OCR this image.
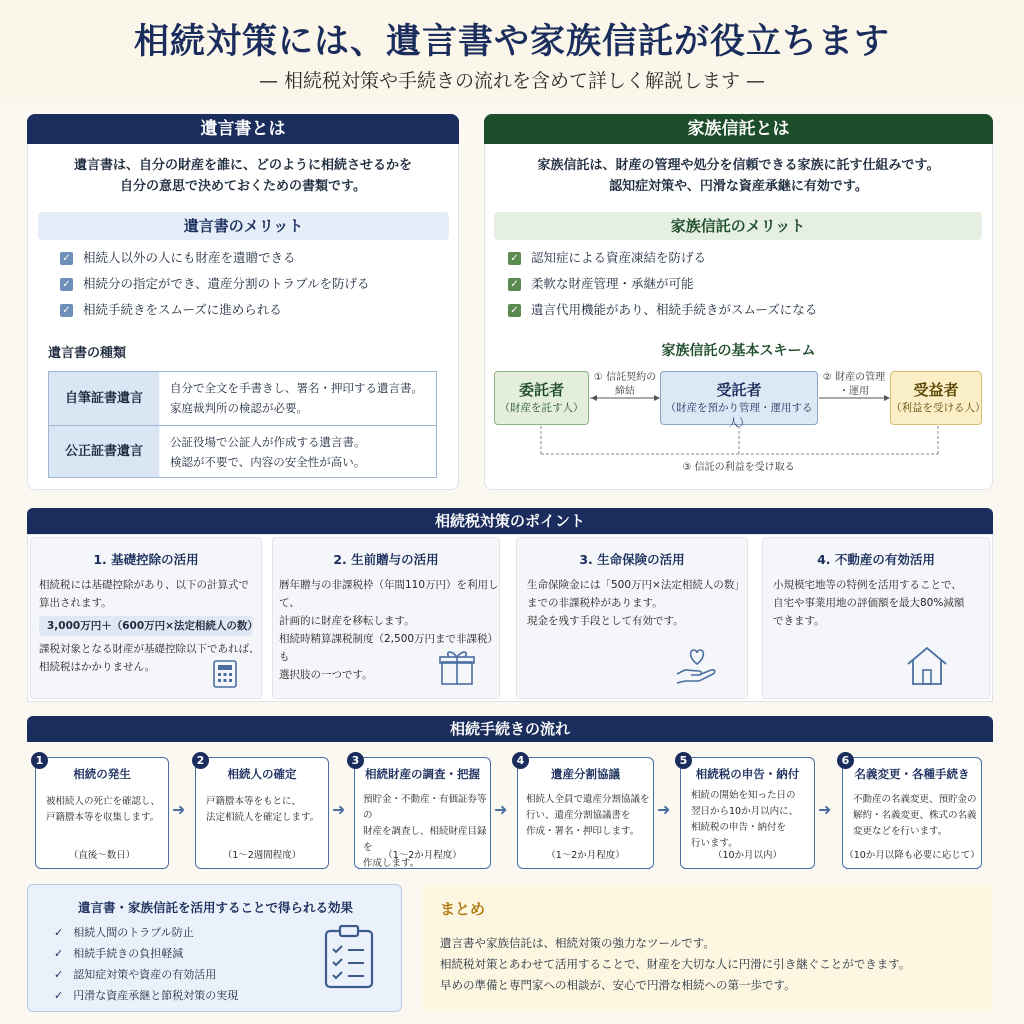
相続対策には、遺言書や家族信託が役立ちます
— 相続税対策や手続きの流れを含めて詳しく解説します —
遺言書とは
遺言書は、自分の財産を誰に、どのように相続させるかを
自分の意思で決めておくための書類です。
遺言書のメリット
✓ 相続人以外の人にも財産を遺贈できる
✓ 相続分の指定ができ、遺産分割のトラブルを防げる
✓ 相続手続きをスムーズに進められる
遺言書の種類
自筆証書遺言
自分で全文を手書きし、署名・押印する遺言書。
家庭裁判所の検認が必要。
公正証書遺言
公証役場で公証人が作成する遺言書。
検認が不要で、内容の安全性が高い。
家族信託とは
家族信託は、財産の管理や処分を信頼できる家族に託す仕組みです。
認知症対策や、円滑な資産承継に有効です。
家族信託のメリット
✓ 認知症による資産凍結を防げる
✓ 柔軟な財産管理・承継が可能
✓ 遺言代用機能があり、相続手続きがスムーズになる
家族信託の基本スキーム
委託者
（財産を託す人）
受託者
（財産を預かり管理・運用する人）
受益者
（利益を受ける人）
① 信託契約の
締結
② 財産の管理
・運用
③ 信託の利益を受け取る
相続税対策のポイント
1. 基礎控除の活用
相続税には基礎控除があり、以下の計算式で
算出されます。
3,000万円＋（600万円×法定相続人の数）
課税対象となる財産が基礎控除以下であれば、
相続税はかかりません。
2. 生前贈与の活用
暦年贈与の非課税枠（年間110万円）を利用して、
計画的に財産を移転します。
相続時精算課税制度（2,500万円まで非課税）も
選択肢の一つです。
3. 生命保険の活用
生命保険金には「500万円×法定相続人の数」
までの非課税枠があります。
現金を残す手段として有効です。
4. 不動産の有効活用
小規模宅地等の特例を活用することで、
自宅や事業用地の評価額を最大80%減額
できます。
相続手続きの流れ
相続の発生
被相続人の死亡を確認し、
戸籍謄本等を収集します。
（直後〜数日）
1
➜
相続人の確定
戸籍謄本等をもとに、
法定相続人を確定します。
（1〜2週間程度）
2
➜
相続財産の調査・把握
預貯金・不動産・有価証券等の
財産を調査し、相続財産目録を
作成します。
（1〜2か月程度）
3
➜
遺産分割協議
相続人全員で遺産分割協議を
行い、遺産分割協議書を
作成・署名・押印します。
（1〜2か月程度）
4
➜
相続税の申告・納付
相続の開始を知った日の
翌日から10か月以内に、
相続税の申告・納付を
行います。
（10か月以内）
5
➜
名義変更・各種手続き
不動産の名義変更、預貯金の
解約・名義変更、株式の名義
変更などを行います。
（10か月以降も必要に応じて）
6
遺言書・家族信託を活用することで得られる効果
✓ 相続人間のトラブル防止
✓ 相続手続きの負担軽減
✓ 認知症対策や資産の有効活用
✓ 円滑な資産承継と節税対策の実現
まとめ
遺言書や家族信託は、相続対策の強力なツールです。
相続税対策とあわせて活用することで、財産を大切な人に円滑に引き継ぐことができます。
早めの準備と専門家への相談が、安心で円滑な相続への第一歩です。
